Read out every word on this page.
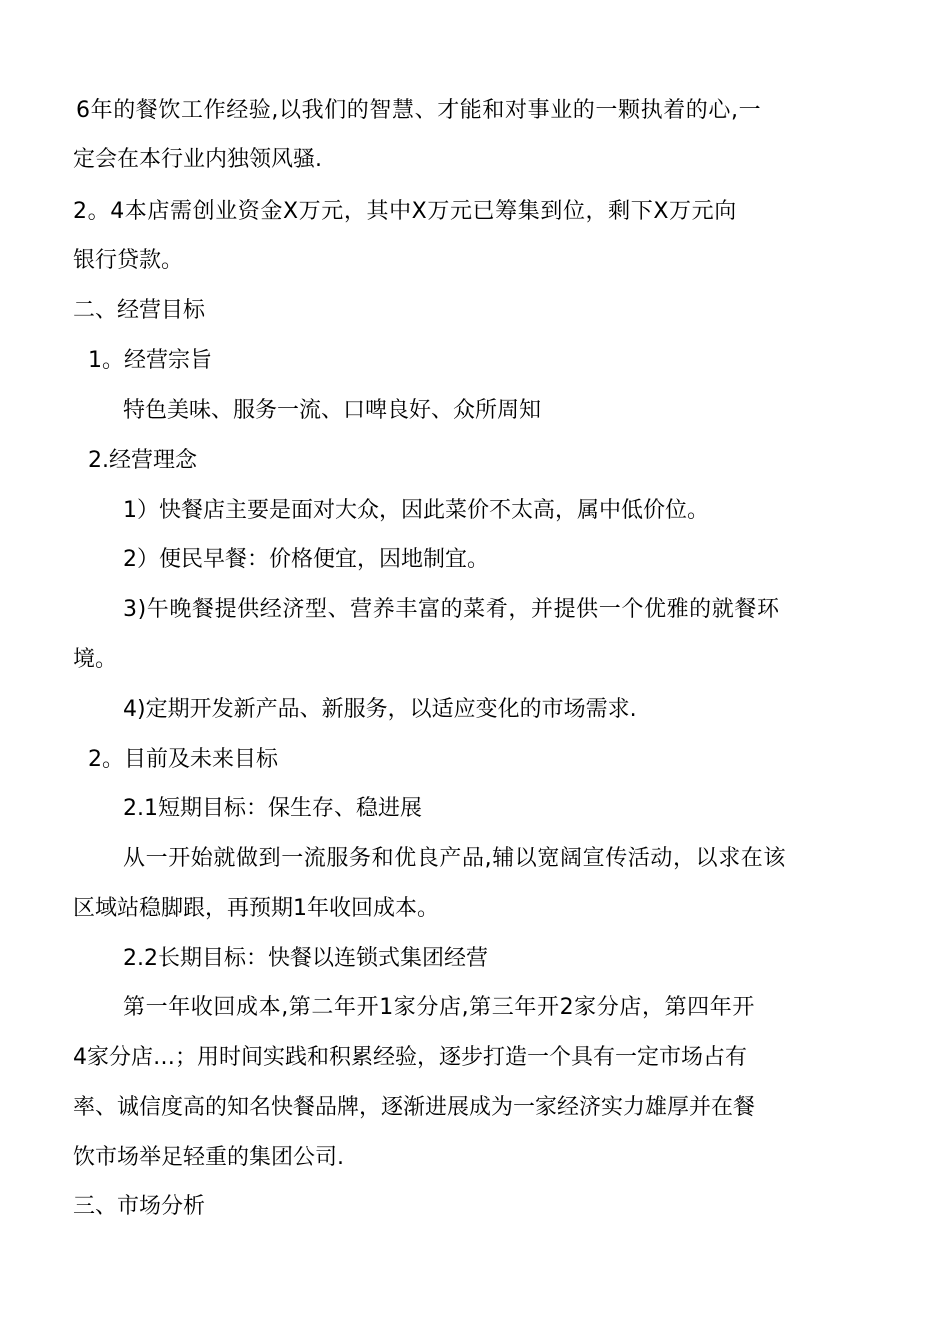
6年的餐饮工作经验,以我们的智慧、才能和对事业的一颗执着的心,一
定会在本行业内独领风骚.
2。4本店需创业资金X万元，其中X万元已筹集到位，剩下X万元向
银行贷款。
二、经营目标
1。经营宗旨
特色美味、服务一流、口啤良好、众所周知
2.经营理念
1）快餐店主要是面对大众，因此菜价不太高，属中低价位。
2）便民早餐：价格便宜，因地制宜。
3)午晚餐提供经济型、营养丰富的菜肴，并提供一个优雅的就餐环
境。
4)定期开发新产品、新服务，以适应变化的市场需求.
2。目前及未来目标
2.1短期目标：保生存、稳进展
从一开始就做到一流服务和优良产品,辅以宽阔宣传活动，以求在该
区域站稳脚跟，再预期1年收回成本。
2.2长期目标：快餐以连锁式集团经营
第一年收回成本,第二年开1家分店,第三年开2家分店，第四年开
4家分店…；用时间实践和积累经验，逐步打造一个具有一定市场占有
率、诚信度高的知名快餐品牌，逐渐进展成为一家经济实力雄厚并在餐
饮市场举足轻重的集团公司.
三、市场分析
